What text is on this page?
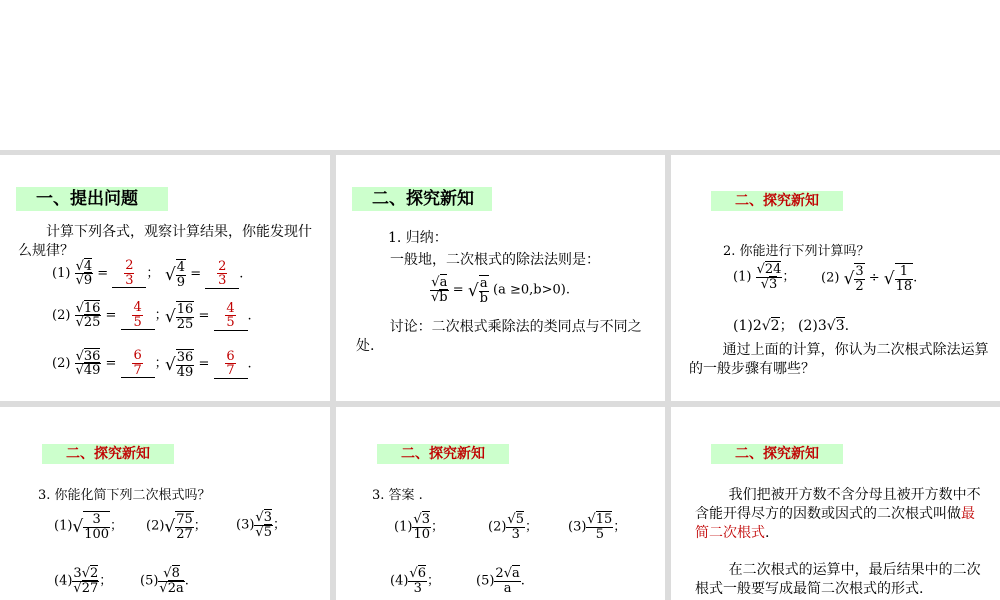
一、提出问题
计算下列各式，观察计算结果，你能发现什么规律？
$(1) \frac{√4}{√9} = \frac{2}{3}$ ； √ $\frac{4}{9} = \frac{2}{3}$ .
$(2) \frac{√16}{√25} = \frac{4}{5}$ ；
√ $\frac{16}{25} = \frac{4}{5}$ .
$(2) \frac{√36}{√49} = \frac{6}{7}$ ；
√ $\frac{36}{49} = \frac{6}{7}$ .
二、探究新知
1. 归纳：
一般地，二次根式的除法法则是：
$\frac{√a}{√b}$ = √ $\frac{a}{b} (a \ge 0,b>0)$.
讨论：二次根式乘除法的类同点与不同之处.
二、探究新知
2. 你能进行下列计算吗？
$(1) \frac{√24}{√3}$ ； (2) √ $\frac{3}{2}$ ÷ √ $\frac{1}{18}$ .
(1)2√2； (2)3√3.
通过上面的计算，你认为二次根式除法运算的一般步骤有哪些？
二、探究新知
3. 你能化简下列二次根式吗？
$(1)√ \frac{3}{100}$ ； $(2)√ \frac{75}{27}$ ； $(3) \frac{√3}{√5}$ ；
$(4) \frac{3√2}{√27}$ ； $(5) \frac{√8}{√2a}$ .
二、探究新知
3. 答案 .
$(1) \frac{√3}{10}$ ；	$(2) \frac{√5}{3}$ ； $(3) \frac{√15}{5}$ ；
$(4) \frac{√6}{3}$ ；	$(5) \frac{2√a}{a}$ .
二、探究新知
我们把被开方数不含分母且被开方数中不含能开得尽方的因数或因式的二次根式叫做最简二次根式.
在二次根式的运算中，最后结果中的二次根式一般要写成最简二次根式的形式.
